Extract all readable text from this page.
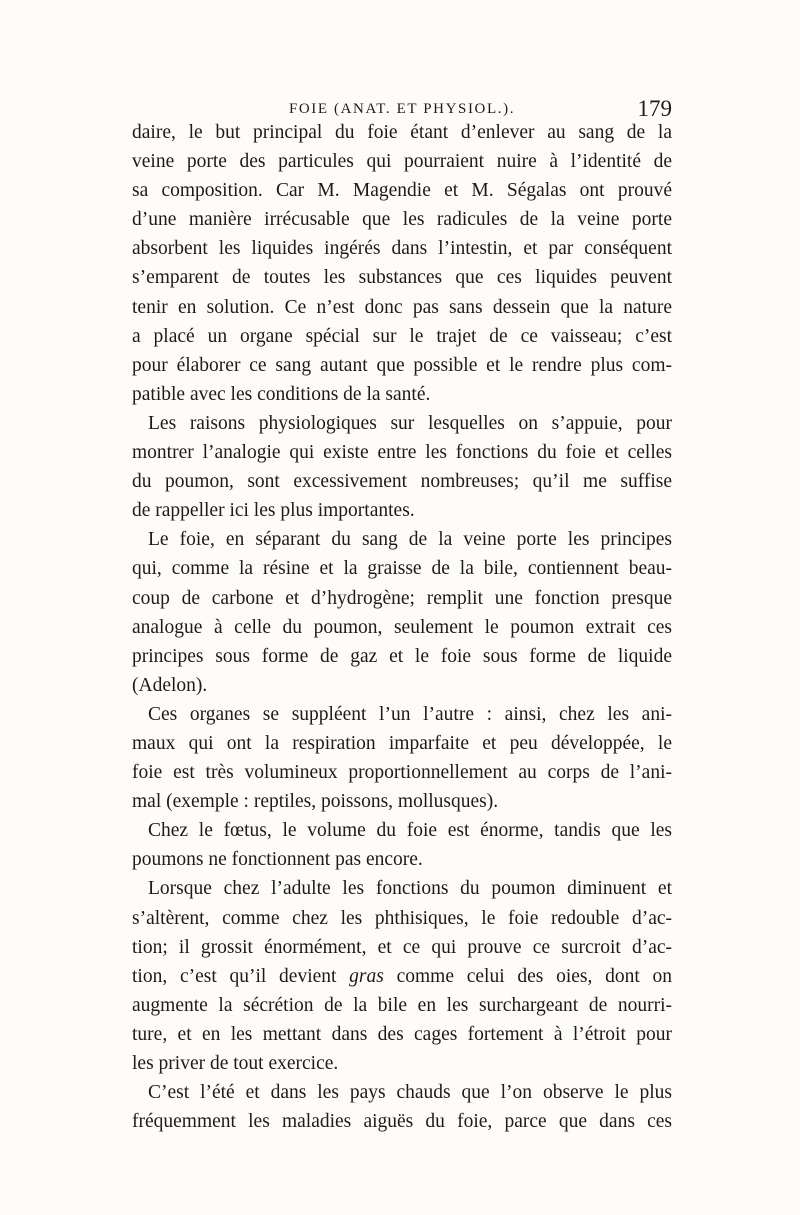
FOIE (ANAT. ET PHYSIOL.).	179
daire, le but principal du foie étant d’enlever au sang de la
veine porte des particules qui pourraient nuire à l’identité de
sa composition. Car M. Magendie et M. Ségalas ont prouvé
d’une manière irrécusable que les radicules de la veine porte
absorbent les liquides ingérés dans l’intestin, et par conséquent
s’emparent de toutes les substances que ces liquides peuvent
tenir en solution. Ce n’est donc pas sans dessein que la nature
a placé un organe spécial sur le trajet de ce vaisseau; c’est
pour élaborer ce sang autant que possible et le rendre plus com-
patible avec les conditions de la santé.
Les raisons physiologiques sur lesquelles on s’appuie, pour
montrer l’analogie qui existe entre les fonctions du foie et celles
du poumon, sont excessivement nombreuses; qu’il me suffise
de rappeller ici les plus importantes.
Le foie, en séparant du sang de la veine porte les principes
qui, comme la résine et la graisse de la bile, contiennent beau-
coup de carbone et d’hydrogène; remplit une fonction presque
analogue à celle du poumon, seulement le poumon extrait ces
principes sous forme de gaz et le foie sous forme de liquide
(Adelon).
Ces organes se suppléent l’un l’autre : ainsi, chez les ani-
maux qui ont la respiration imparfaite et peu développée, le
foie est très volumineux proportionnellement au corps de l’ani-
mal (exemple : reptiles, poissons, mollusques).
Chez le fœtus, le volume du foie est énorme, tandis que les
poumons ne fonctionnent pas encore.
Lorsque chez l’adulte les fonctions du poumon diminuent et
s’altèrent, comme chez les phthisiques, le foie redouble d’ac-
tion; il grossit énormément, et ce qui prouve ce surcroit d’ac-
tion, c’est qu’il devient gras comme celui des oies, dont on
augmente la sécrétion de la bile en les surchargeant de nourri-
ture, et en les mettant dans des cages fortement à l’étroit pour
les priver de tout exercice.
C’est l’été et dans les pays chauds que l’on observe le plus
fréquemment les maladies aiguës du foie, parce que dans ces
